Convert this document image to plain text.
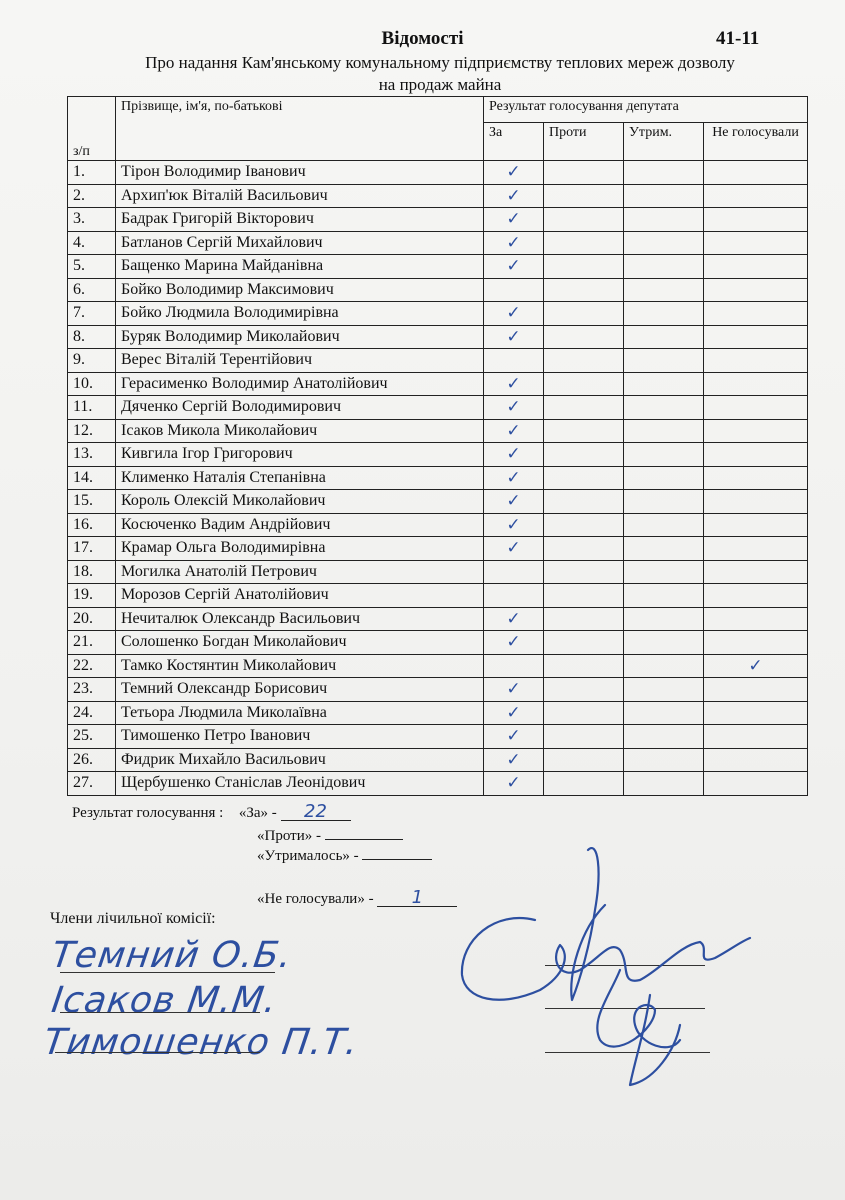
Відомості	41-11
Про надання Кам'янському комунальному підприємству теплових мереж дозволу
на продаж майна
з/п	Прізвище, ім'я, по-батькові	Результат голосування депутата			
		За	Проти	Утрим.	Не голосували
1.	Тірон Володимир Іванович	✓			
2.	Архип'юк Віталій Васильович	✓			
3.	Бадрак Григорій Вікторович	✓			
4.	Батланов Сергій Михайлович	✓			
5.	Бащенко Марина Майданівна	✓			
6.	Бойко Володимир Максимович				
7.	Бойко Людмила Володимирівна	✓			
8.	Буряк Володимир Миколайович	✓			
9.	Верес Віталій Терентійович				
10.	Герасименко Володимир Анатолійович	✓			
11.	Дяченко Сергій Володимирович	✓			
12.	Ісаков Микола Миколайович	✓			
13.	Кивгила Ігор Григорович	✓			
14.	Клименко Наталія Степанівна	✓			
15.	Король Олексій Миколайович	✓			
16.	Косюченко Вадим Андрійович	✓			
17.	Крамар Ольга Володимирівна	✓			
18.	Могилка Анатолій Петрович				
19.	Морозов Сергій Анатолійович				
20.	Нечиталюк Олександр Васильович	✓			
21.	Солошенко Богдан Миколайович	✓			
22.	Тамко Костянтин Миколайович				✓
23.	Темний Олександр Борисович	✓			
24.	Тетьора Людмила Миколаївна	✓			
25.	Тимошенко Петро Іванович	✓			
26.	Фидрик Михайло Васильович	✓			
27.	Щербушенко Станіслав Леонідович	✓			
Результат голосування : «За» - 22
«Проти» -
«Утрималось» -
«Не голосували» - 1
Члени лічильної комісії:
Темний О.Б.
Ісаков М.М.
Тимошенко П.Т.
